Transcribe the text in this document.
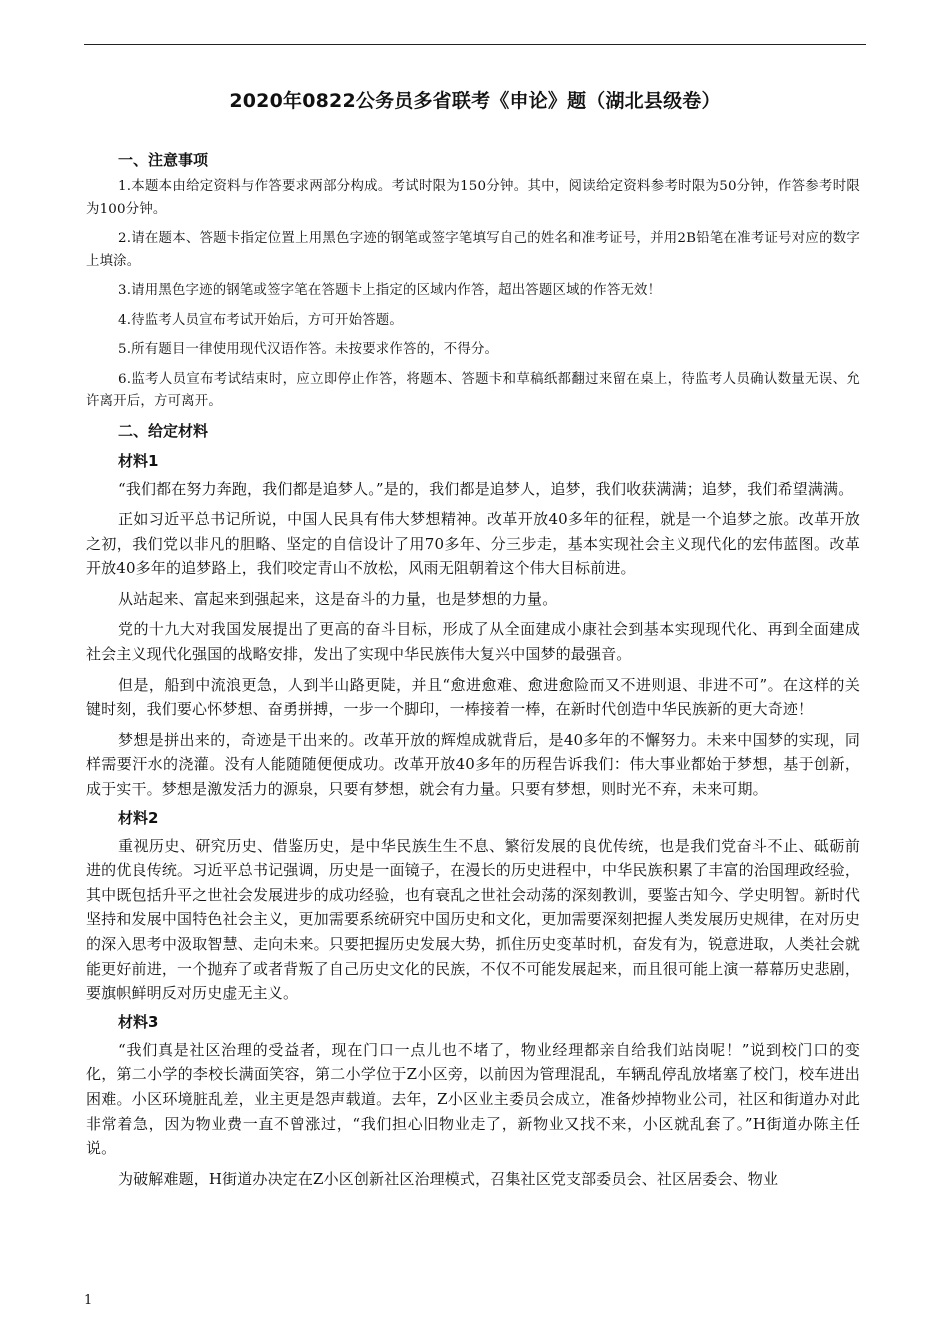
2020年0822公务员多省联考《申论》题（湖北县级卷）
一、注意事项

1.本题本由给定资料与作答要求两部分构成。考试时限为150分钟。其中，阅读给定资料参考时限为50分钟，作答参考时限为100分钟。

2.请在题本、答题卡指定位置上用黑色字迹的钢笔或签字笔填写自己的姓名和准考证号，并用2B铅笔在准考证号对应的数字上填涂。

3.请用黑色字迹的钢笔或签字笔在答题卡上指定的区域内作答，超出答题区域的作答无效！

4.待监考人员宣布考试开始后，方可开始答题。

5.所有题目一律使用现代汉语作答。未按要求作答的，不得分。

6.监考人员宣布考试结束时，应立即停止作答，将题本、答题卡和草稿纸都翻过来留在桌上，待监考人员确认数量无误、允许离开后，方可离开。

二、给定材料
材料1

“我们都在努力奔跑，我们都是追梦人。”是的，我们都是追梦人，追梦，我们收获满满；追梦，我们希望满满。

正如习近平总书记所说，中国人民具有伟大梦想精神。改革开放40多年的征程，就是一个追梦之旅。改革开放之初，我们党以非凡的胆略、坚定的自信设计了用70多年、分三步走，基本实现社会主义现代化的宏伟蓝图。改革开放40多年的追梦路上，我们咬定青山不放松，风雨无阻朝着这个伟大目标前进。

从站起来、富起来到强起来，这是奋斗的力量，也是梦想的力量。

党的十九大对我国发展提出了更高的奋斗目标，形成了从全面建成小康社会到基本实现现代化、再到全面建成社会主义现代化强国的战略安排，发出了实现中华民族伟大复兴中国梦的最强音。

但是，船到中流浪更急，人到半山路更陡，并且“愈进愈难、愈进愈险而又不进则退、非进不可”。在这样的关键时刻，我们要心怀梦想、奋勇拼搏，一步一个脚印，一棒接着一棒，在新时代创造中华民族新的更大奇迹！

梦想是拼出来的，奇迹是干出来的。改革开放的辉煌成就背后，是40多年的不懈努力。未来中国梦的实现，同样需要汗水的浇灌。没有人能随随便便成功。改革开放40多年的历程告诉我们：伟大事业都始于梦想，基于创新，成于实干。梦想是激发活力的源泉，只要有梦想，就会有力量。只要有梦想，则时光不弃，未来可期。

材料2

重视历史、研究历史、借鉴历史，是中华民族生生不息、繁衍发展的良优传统，也是我们党奋斗不止、砥砺前进的优良传统。习近平总书记强调，历史是一面镜子，在漫长的历史进程中，中华民族积累了丰富的治国理政经验，其中既包括升平之世社会发展进步的成功经验，也有衰乱之世社会动荡的深刻教训，要鉴古知今、学史明智。新时代坚持和发展中国特色社会主义，更加需要系统研究中国历史和文化，更加需要深刻把握人类发展历史规律，在对历史的深入思考中汲取智慧、走向未来。只要把握历史发展大势，抓住历史变革时机，奋发有为，锐意进取，人类社会就能更好前进，一个抛弃了或者背叛了自己历史文化的民族，不仅不可能发展起来，而且很可能上演一幕幕历史悲剧，要旗帜鲜明反对历史虚无主义。

材料3

“我们真是社区治理的受益者，现在门口一点儿也不堵了，物业经理都亲自给我们站岗呢！”说到校门口的变化，第二小学的李校长满面笑容，第二小学位于Z小区旁，以前因为管理混乱，车辆乱停乱放堵塞了校门，校车进出困难。小区环境脏乱差，业主更是怨声载道。去年，Z小区业主委员会成立，准备炒掉物业公司，社区和街道办对此非常着急，因为物业费一直不曾涨过，“我们担心旧物业走了，新物业又找不来，小区就乱套了。”H街道办陈主任说。

为破解难题，H街道办决定在Z小区创新社区治理模式，召集社区党支部委员会、社区居委会、物业

1
